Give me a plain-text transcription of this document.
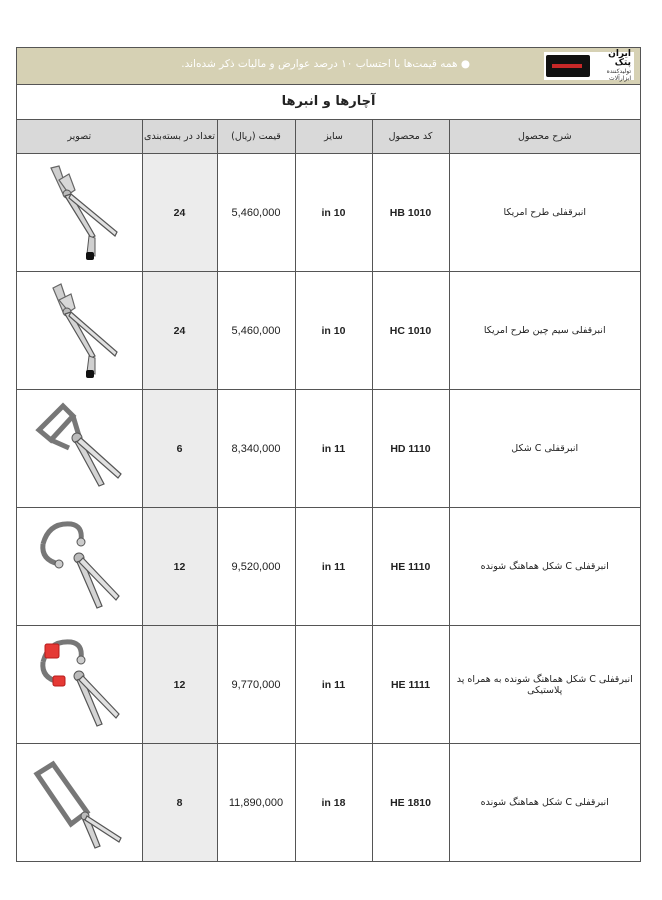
ایران پتک
تولیدکننده ابزارآلات
● همه قیمت‌ها با احتساب ۱۰ درصد عوارض و مالیات ذکر شده‌اند.
آچارها و انبرها
شرح محصول	کد محصول	سایز	قیمت (ریال)	تعداد در بسته‌بندی	تصویر
انبرقفلی طرح امریکا	HB 1010	10 in	5,460,000	24	

انبرقفلی سیم چین طرح امریکا	HC 1010	10 in	5,460,000	24	

انبرقفلی C شکل	HD 1110	11 in	8,340,000	6	

انبرقفلی C شکل هماهنگ شونده	HE 1110	11 in	9,520,000	12	

انبرقفلی C شکل هماهنگ شونده به همراه پد پلاستیکی	HE 1111	11 in	9,770,000	12	

انبرقفلی C شکل هماهنگ شونده	HE 1810	18 in	11,890,000	8	
